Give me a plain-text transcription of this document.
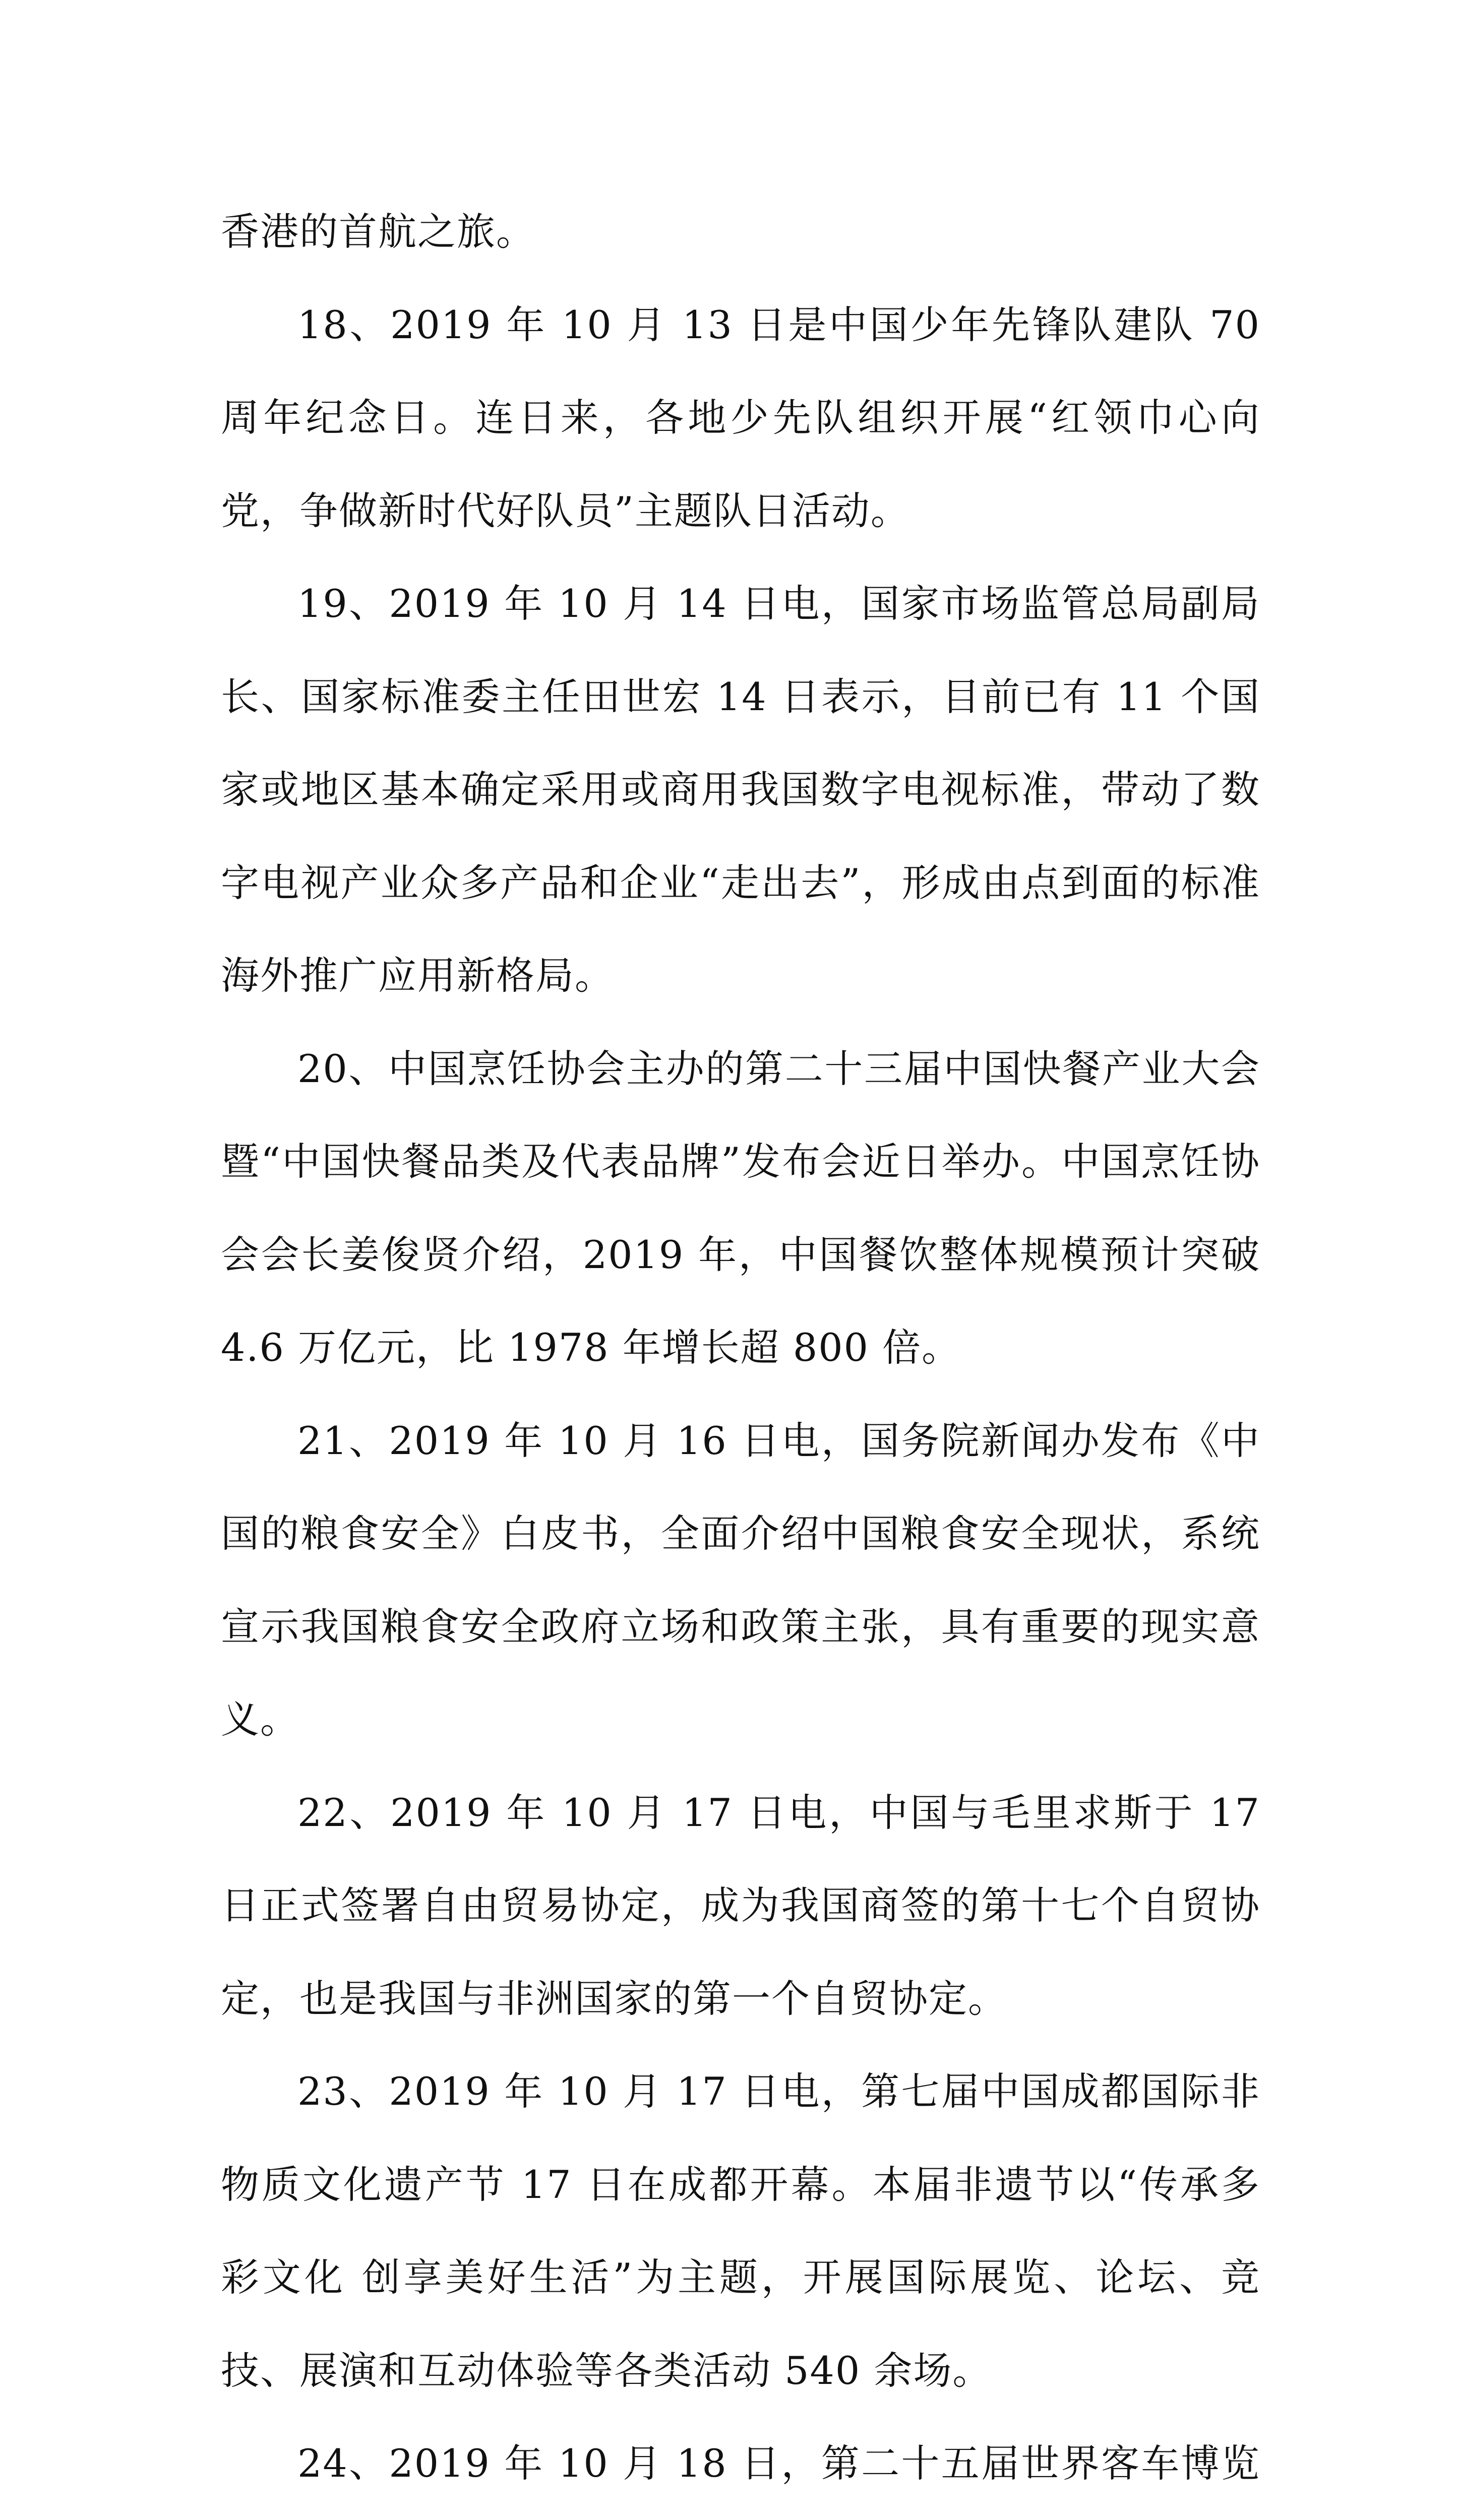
香港的首航之旅。

18、2019 年 10 月 13 日是中国少年先锋队建队 70 周年纪念日。连日来，各地少先队组织开展“红领巾心向党，争做新时代好队员”主题队日活动。

19、2019 年 10 月 14 日电，国家市场监管总局副局长、国家标准委主任田世宏 14 日表示，目前已有 11 个国家或地区基本确定采用或商用我国数字电视标准，带动了数字电视产业众多产品和企业“走出去”，形成由点到面的标准海外推广应用新格局。

20、中国烹饪协会主办的第二十三届中国快餐产业大会暨“中国快餐品类及代表品牌”发布会近日举办。中国烹饪协会会长姜俊贤介绍，2019 年，中国餐饮整体规模预计突破 4.6 万亿元，比 1978 年增长超 800 倍。

21、2019 年 10 月 16 日电，国务院新闻办发布《中国的粮食安全》白皮书，全面介绍中国粮食安全现状，系统宣示我国粮食安全政府立场和政策主张，具有重要的现实意义。

22、2019 年 10 月 17 日电，中国与毛里求斯于 17 日正式签署自由贸易协定，成为我国商签的第十七个自贸协定，也是我国与非洲国家的第一个自贸协定。

23、2019 年 10 月 17 日电，第七届中国成都国际非物质文化遗产节 17 日在成都开幕。本届非遗节以“传承多彩文化 创享美好生活”为主题，开展国际展览、论坛、竞技、展演和互动体验等各类活动 540 余场。

24、2019 年 10 月 18 日，第二十五届世界客车博览
